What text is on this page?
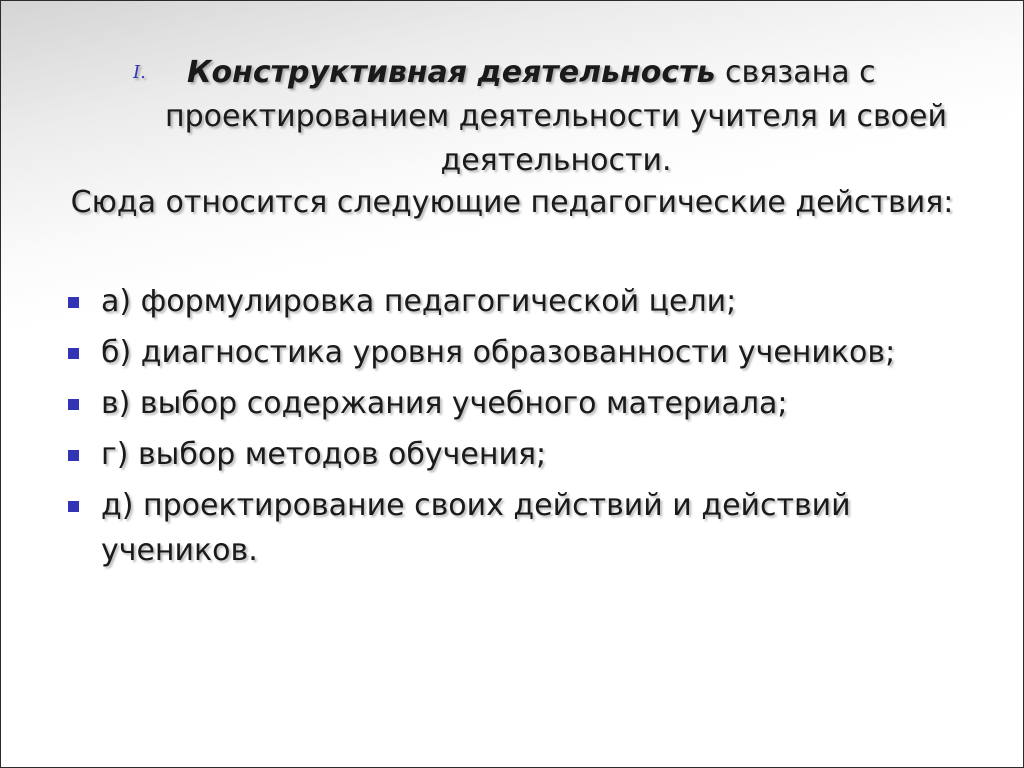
I. Конструктивная деятельность связана с
проектированием деятельности учителя и своей деятельности.
Сюда относится следующие педагогические действия:
а) формулировка педагогической цели;
б) диагностика уровня образованности учеников;
в) выбор содержания учебного материала;
г) выбор методов обучения;
д) проектирование своих действий и действий учеников.
